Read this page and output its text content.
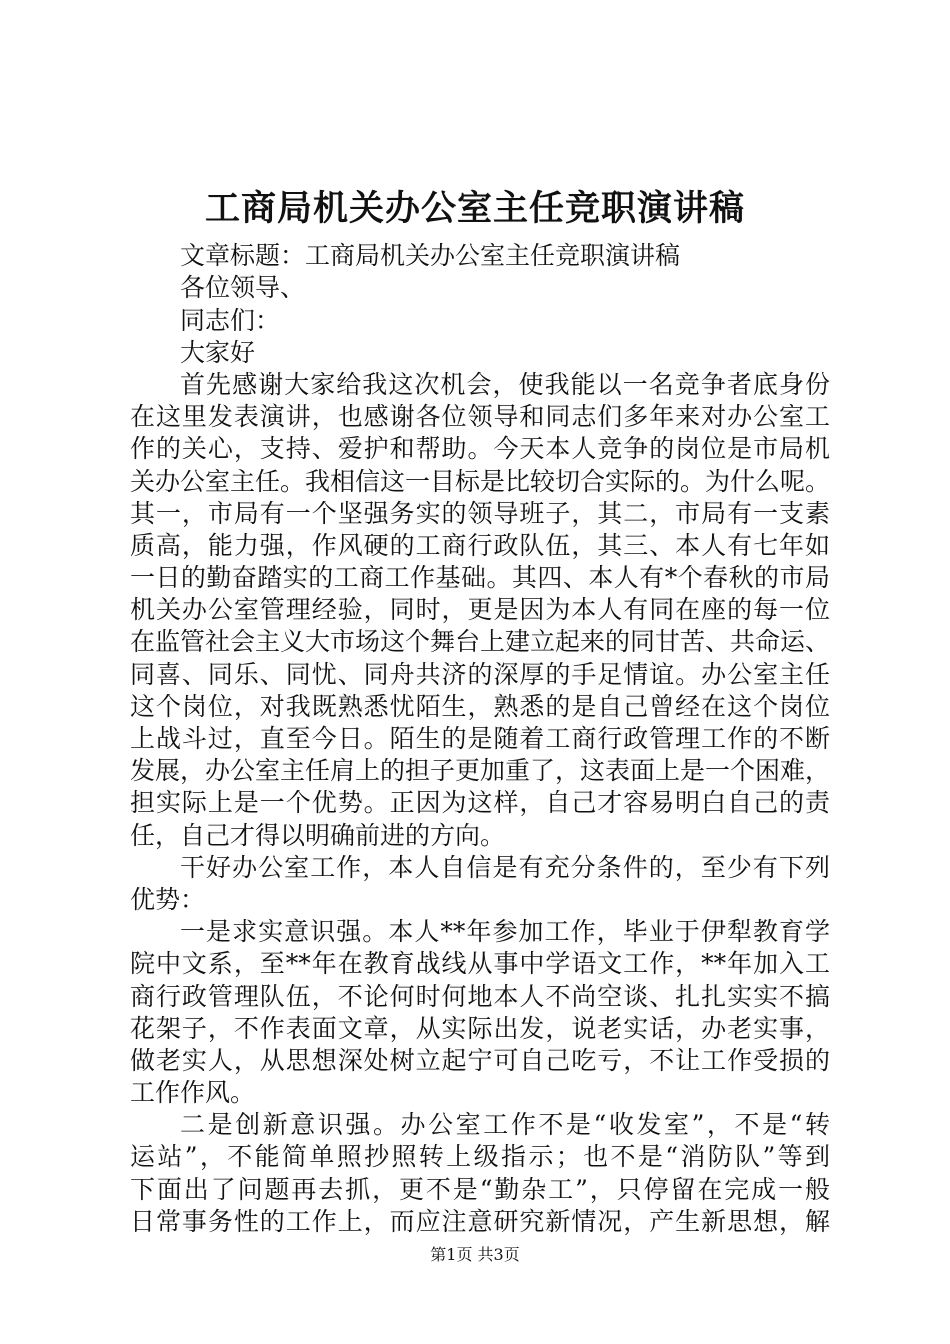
工商局机关办公室主任竞职演讲稿
文章标题：工商局机关办公室主任竞职演讲稿
各位领导、
同志们：
大家好
首先感谢大家给我这次机会，使我能以一名竞争者底身份
在这里发表演讲，也感谢各位领导和同志们多年来对办公室工
作的关心，支持、爱护和帮助。今天本人竞争的岗位是市局机
关办公室主任。我相信这一目标是比较切合实际的。为什么呢。
其一，市局有一个坚强务实的领导班子，其二，市局有一支素
质高，能力强，作风硬的工商行政队伍，其三、本人有七年如
一日的勤奋踏实的工商工作基础。其四、本人有*个春秋的市局
机关办公室管理经验，同时，更是因为本人有同在座的每一位
在监管社会主义大市场这个舞台上建立起来的同甘苦、共命运、
同喜、同乐、同忧、同舟共济的深厚的手足情谊。办公室主任
这个岗位，对我既熟悉忧陌生，熟悉的是自己曾经在这个岗位
上战斗过，直至今日。陌生的是随着工商行政管理工作的不断
发展，办公室主任肩上的担子更加重了，这表面上是一个困难，
担实际上是一个优势。正因为这样，自己才容易明白自己的责
任，自己才得以明确前进的方向。
干好办公室工作，本人自信是有充分条件的，至少有下列
优势：
一是求实意识强。本人**年参加工作，毕业于伊犁教育学
院中文系，至**年在教育战线从事中学语文工作，**年加入工
商行政管理队伍，不论何时何地本人不尚空谈、扎扎实实不搞
花架子，不作表面文章，从实际出发，说老实话，办老实事，
做老实人，从思想深处树立起宁可自己吃亏，不让工作受损的
工作作风。
二是创新意识强。办公室工作不是“收发室”，不是“转
运站”，不能简单照抄照转上级指示；也不是“消防队”等到
下面出了问题再去抓，更不是“勤杂工”，只停留在完成一般
日常事务性的工作上，而应注意研究新情况，产生新思想，解
第1页 共3页
